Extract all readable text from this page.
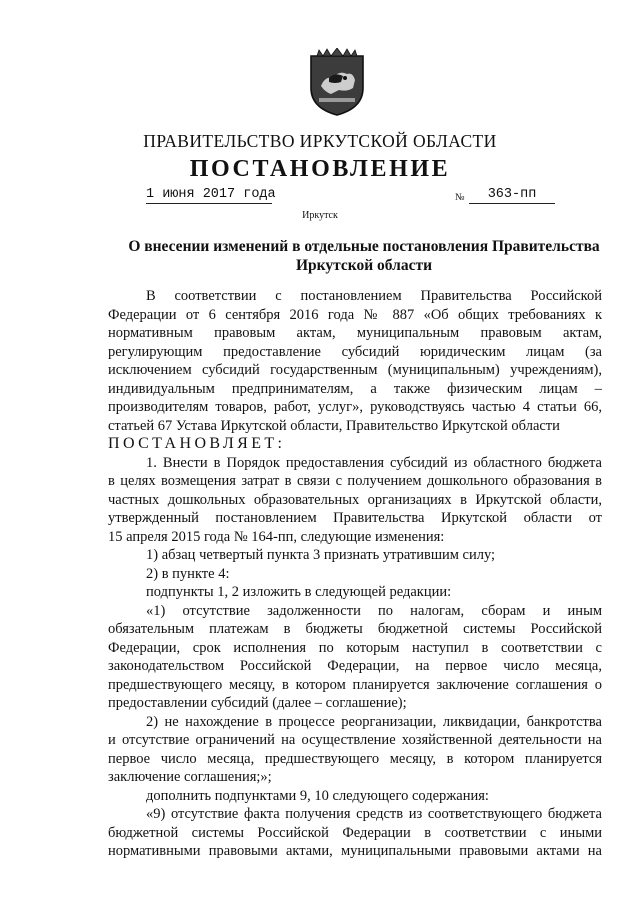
ПРАВИТЕЛЬСТВО ИРКУТСКОЙ ОБЛАСТИ
ПОСТАНОВЛЕНИЕ
1 июня 2017 года	№	363-пп
Иркутск
О внесении изменений в отдельные постановления Правительства
Иркутской области
В соответствии с постановлением Правительства Российской
Федерации от 6 сентября 2016 года № 887 «Об общих требованиях к
нормативным правовым актам, муниципальным правовым актам,
регулирующим предоставление субсидий юридическим лицам (за
исключением субсидий государственным (муниципальным) учреждениям),
индивидуальным предпринимателям, а также физическим лицам –
производителям товаров, работ, услуг», руководствуясь частью 4 статьи 66,
статьей 67 Устава Иркутской области, Правительство Иркутской области
ПОСТАНОВЛЯЕТ:
1. Внести в Порядок предоставления субсидий из областного бюджета
в целях возмещения затрат в связи с получением дошкольного образования в
частных дошкольных образовательных организациях в Иркутской области,
утвержденный постановлением Правительства Иркутской области от
15 апреля 2015 года № 164-пп, следующие изменения:
1) абзац четвертый пункта 3 признать утратившим силу;
2) в пункте 4:
подпункты 1, 2 изложить в следующей редакции:
«1) отсутствие задолженности по налогам, сборам и иным
обязательным платежам в бюджеты бюджетной системы Российской
Федерации, срок исполнения по которым наступил в соответствии с
законодательством Российской Федерации, на первое число месяца,
предшествующего месяцу, в котором планируется заключение соглашения о
предоставлении субсидий (далее – соглашение);
2) не нахождение в процессе реорганизации, ликвидации, банкротства
и отсутствие ограничений на осуществление хозяйственной деятельности на
первое число месяца, предшествующего месяцу, в котором планируется
заключение соглашения;»;
дополнить подпунктами 9, 10 следующего содержания:
«9) отсутствие факта получения средств из соответствующего бюджета
бюджетной системы Российской Федерации в соответствии с иными
нормативными правовыми актами, муниципальными правовыми актами на
